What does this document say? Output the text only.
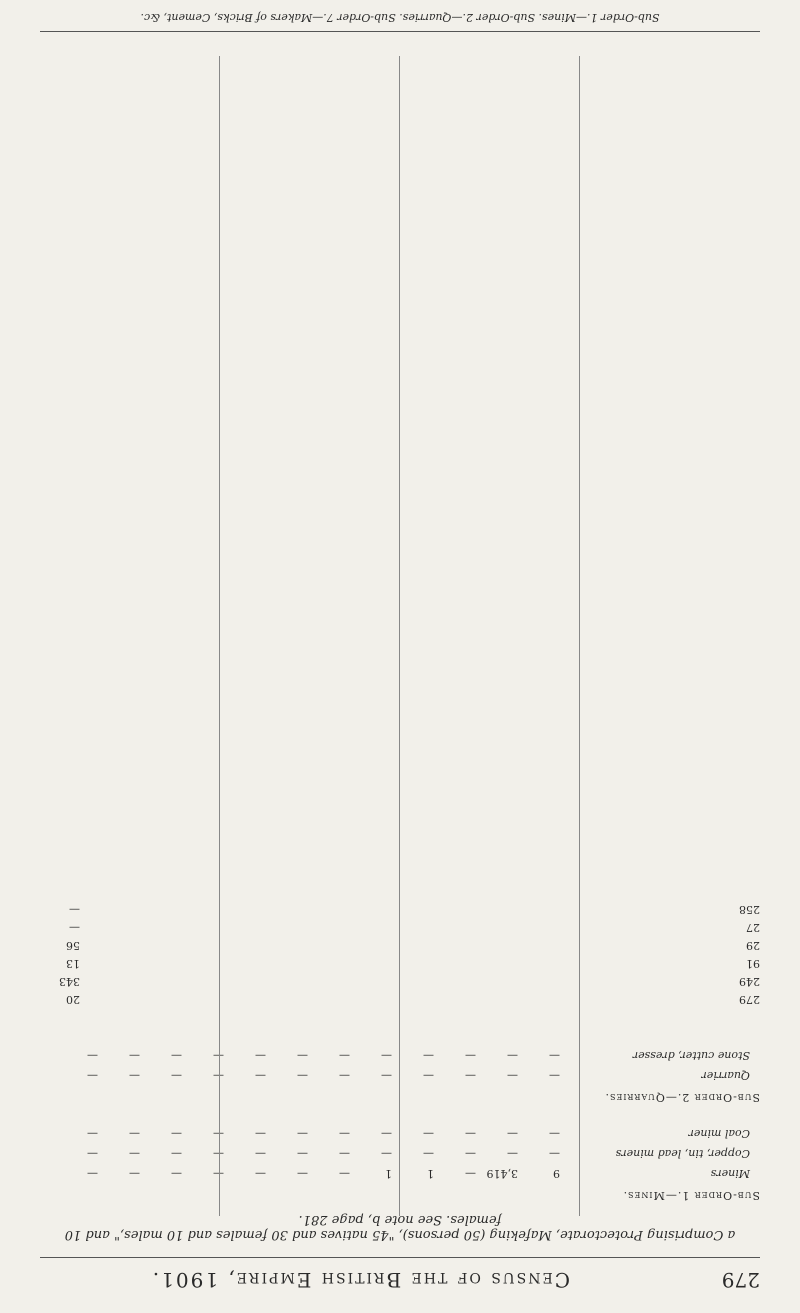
279
Census of the British Empire, 1901.
a Comprising Protectorate, Mafeking (50 persons), "45 natives and 30 females and 10 males," and 10 females. See note b, page 281.
Sub-Order 1.—Mines.
Miners
9
3,419
—
1
1
—
—
—
—
—
—
—
Copper, tin, lead miners
—
—
—
—
—
—
—
—
—
—
—
—
Coal miner
—
—
—
—
—
—
—
—
—
—
—
—
Sub-Order 2.—Quarries.
Quarrier
—
—
—
—
—
—
—
—
—
—
—
—
Stone cutter, dresser
—
—
—
—
—
—
—
—
—
—
—
—
279
249
91
29
27
258
20
343
13
56
—
—
Sub-Order 1.—Mines. Sub-Order 2.—Quarries. Sub-Order 7.—Makers of Bricks, Cement, &c.
